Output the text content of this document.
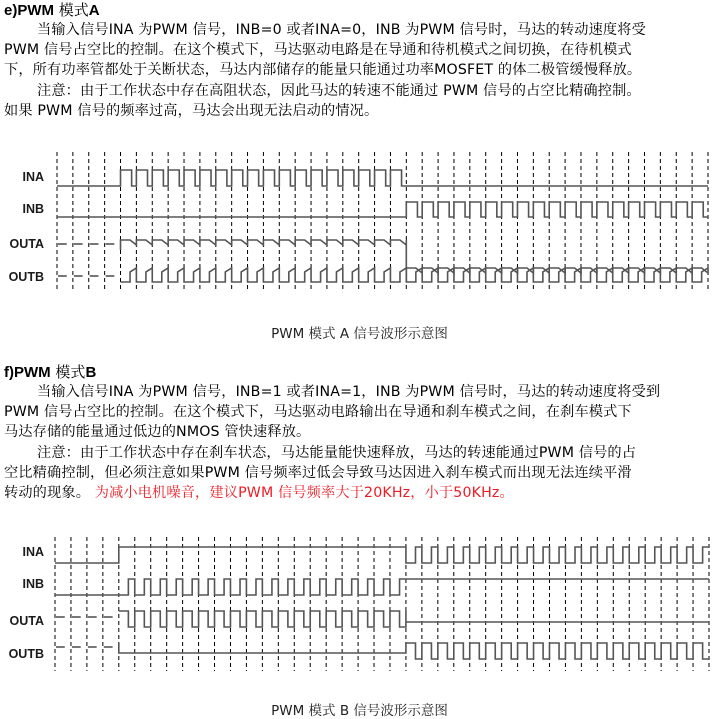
e)PWM 模式A
当输入信号INA 为PWM 信号，INB=0 或者INA=0，INB 为PWM 信号时，马达的转动速度将受
PWM 信号占空比的控制。在这个模式下，马达驱动电路是在导通和待机模式之间切换，在待机模式
下，所有功率管都处于关断状态，马达内部储存的能量只能通过功率MOSFET 的体二极管缓慢释放。
注意：由于工作状态中存在高阻状态，因此马达的转速不能通过 PWM 信号的占空比精确控制。
如果 PWM 信号的频率过高，马达会出现无法启动的情况。
INA
INB
OUTA
OUTB
PWM 模式 A 信号波形示意图
f)PWM 模式B
当输入信号INA 为PWM 信号，INB=1 或者INA=1，INB 为PWM 信号时，马达的转动速度将受到
PWM 信号占空比的控制。在这个模式下，马达驱动电路输出在导通和刹车模式之间，在刹车模式下
马达存储的能量通过低边的NMOS 管快速释放。
注意：由于工作状态中存在刹车状态，马达能量能快速释放，马达的转速能通过PWM 信号的占
空比精确控制，但必须注意如果PWM 信号频率过低会导致马达因进入刹车模式而出现无法连续平滑
转动的现象。 为减小电机噪音，建议PWM 信号频率大于20KHz，小于50KHz。
INA
INB
OUTA
OUTB
PWM 模式 B 信号波形示意图
